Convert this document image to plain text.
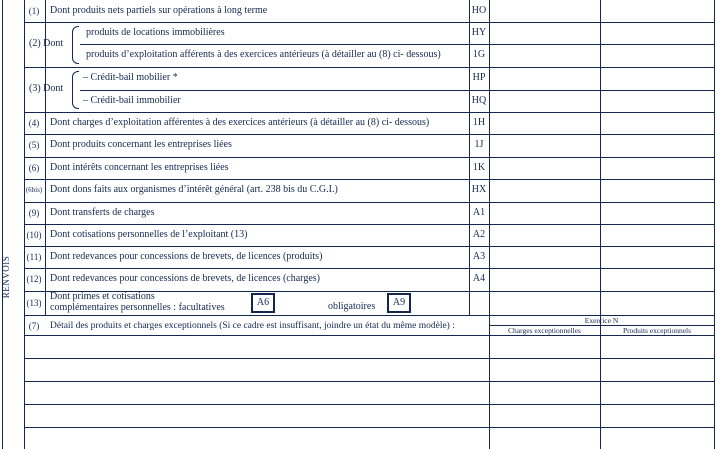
RENVOIS
(1)	Dont produits nets partiels sur opérations à long terme	HO
(2) Dont
produits de locations immobilières	HY
produits d’exploitation afférents à des exercices antérieurs (à détailler au (8) ci- dessous)	1G
(3) Dont
– Crédit-bail mobilier *	HP
– Crédit-bail immobilier	HQ
(4)	Dont charges d’exploitation afférentes à des exercices antérieurs (à détailler au (8) ci- dessous)	1H
(5)	Dont produits concernant les entreprises liées	1J
(6)	Dont intérêts concernant les entreprises liées	1K
(6bis) Dont dons faits aux organismes d’intérêt général (art. 238 bis du C.G.I.)	HX
(9)	Dont transferts de charges	A1
(10) Dont cotisations personnelles de l’exploitant (13)	A2
(11) Dont redevances pour concessions de brevets, de licences (produits)	A3
(12) Dont redevances pour concessions de brevets, de licences (charges)	A4
(13)
Dont primes et cotisations
complémentaires personnelles : facultatives	A6	obligatoires	A9
(7)	Détail des produits et charges exceptionnels (Si ce cadre est insuffisant, joindre un état du même modèle) :
Exercice N
Charges exceptionnelles	Produits exceptionnels
